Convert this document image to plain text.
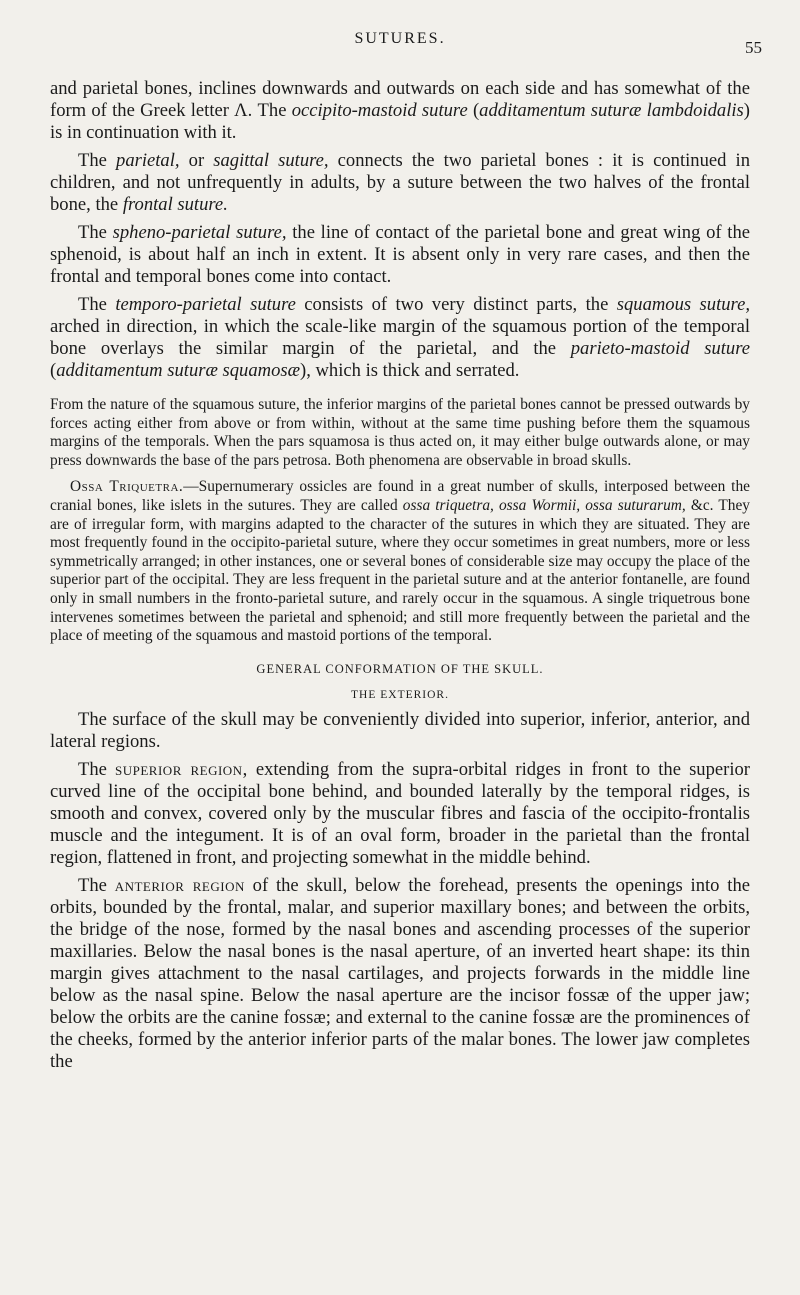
SUTURES.	55

and parietal bones, inclines downwards and outwards on each side and has somewhat of the form of the Greek letter Λ. The occipito-mastoid suture (additamentum suturæ lambdoidalis) is in continuation with it.

The parietal, or sagittal suture, connects the two parietal bones : it is continued in children, and not unfrequently in adults, by a suture between the two halves of the frontal bone, the frontal suture.

The spheno-parietal suture, the line of contact of the parietal bone and great wing of the sphenoid, is about half an inch in extent. It is absent only in very rare cases, and then the frontal and temporal bones come into contact.

The temporo-parietal suture consists of two very distinct parts, the squamous suture, arched in direction, in which the scale-like margin of the squamous portion of the temporal bone overlays the similar margin of the parietal, and the parieto-mastoid suture (additamentum suturæ squamosæ), which is thick and serrated.

From the nature of the squamous suture, the inferior margins of the parietal bones cannot be pressed outwards by forces acting either from above or from within, without at the same time pushing before them the squamous margins of the temporals. When the pars squamosa is thus acted on, it may either bulge outwards alone, or may press downwards the base of the pars petrosa. Both phenomena are observable in broad skulls.

Ossa Triquetra.—Supernumerary ossicles are found in a great number of skulls, interposed between the cranial bones, like islets in the sutures. They are called ossa triquetra, ossa Wormii, ossa suturarum, &c. They are of irregular form, with margins adapted to the character of the sutures in which they are situated. They are most frequently found in the occipito-parietal suture, where they occur sometimes in great numbers, more or less symmetrically arranged; in other instances, one or several bones of considerable size may occupy the place of the superior part of the occipital. They are less frequent in the parietal suture and at the anterior fontanelle, are found only in small numbers in the fronto-parietal suture, and rarely occur in the squamous. A single triquetrous bone intervenes sometimes between the parietal and sphenoid; and still more frequently between the parietal and the place of meeting of the squamous and mastoid portions of the temporal.

GENERAL CONFORMATION OF THE SKULL.

THE EXTERIOR.

The surface of the skull may be conveniently divided into superior, inferior, anterior, and lateral regions.

The superior region, extending from the supra-orbital ridges in front to the superior curved line of the occipital bone behind, and bounded laterally by the temporal ridges, is smooth and convex, covered only by the muscular fibres and fascia of the occipito-frontalis muscle and the integument. It is of an oval form, broader in the parietal than the frontal region, flattened in front, and projecting somewhat in the middle behind.

The anterior region of the skull, below the forehead, presents the openings into the orbits, bounded by the frontal, malar, and superior maxillary bones; and between the orbits, the bridge of the nose, formed by the nasal bones and ascending processes of the superior maxillaries. Below the nasal bones is the nasal aperture, of an inverted heart shape: its thin margin gives attachment to the nasal cartilages, and projects forwards in the middle line below as the nasal spine. Below the nasal aperture are the incisor fossæ of the upper jaw; below the orbits are the canine fossæ; and external to the canine fossæ are the prominences of the cheeks, formed by the anterior inferior parts of the malar bones. The lower jaw completes the
